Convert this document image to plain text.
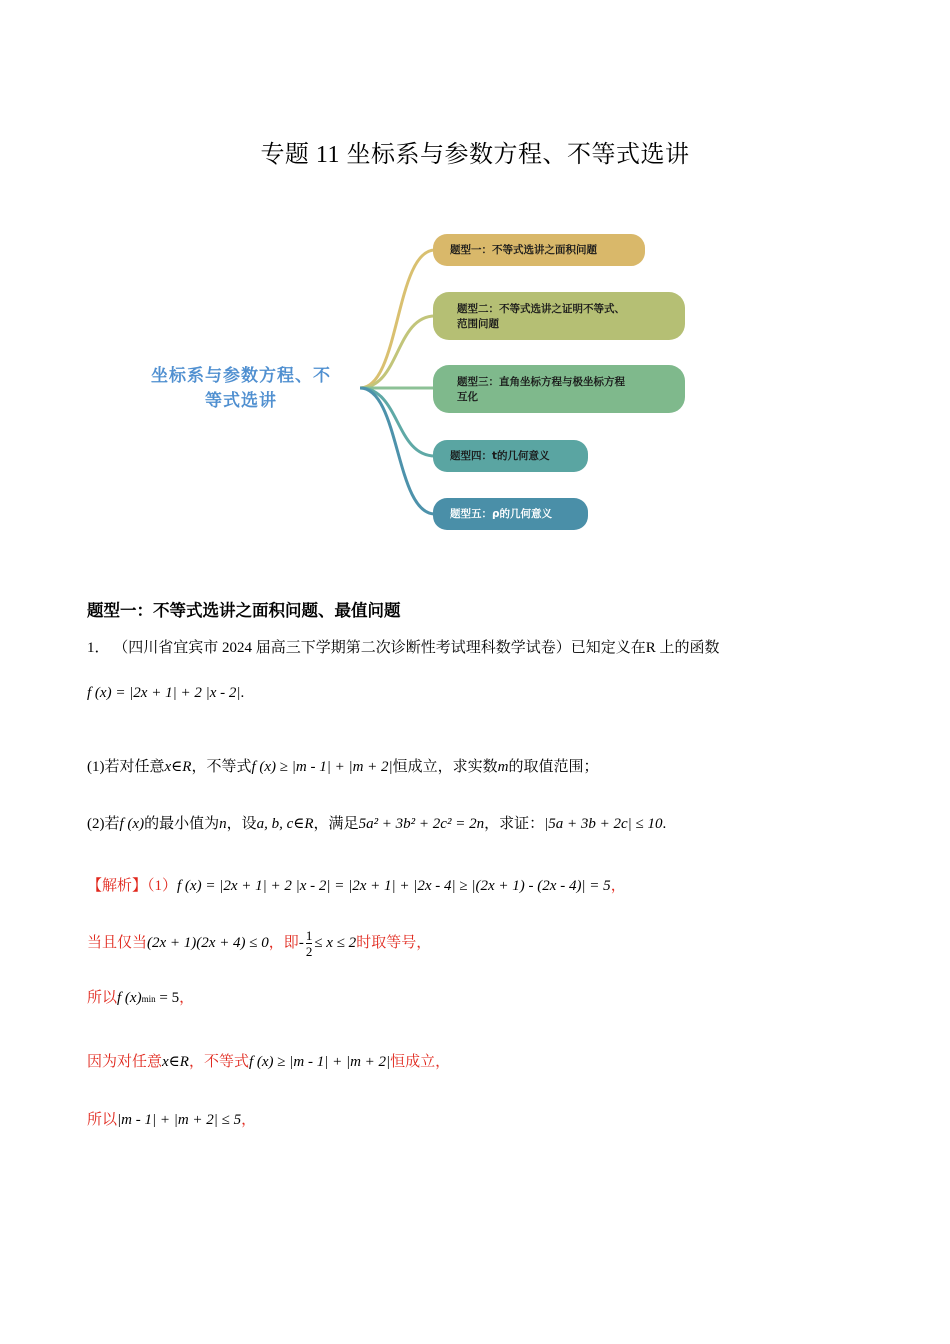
专题 11 坐标系与参数方程、不等式选讲
坐标系与参数方程、不
等式选讲
题型一：不等式选讲之面积问题
题型二：不等式选讲之证明不等式、
范围问题
题型三：直角坐标方程与极坐标方程
互化
题型四：t的几何意义
题型五：ρ的几何意义
题型一：不等式选讲之面积问题、最值问题
1． （四川省宜宾市 2024 届高三下学期第二次诊断性考试理科数学试卷）已知定义在R 上的函数
f (x) = |2x + 1| + 2 |x - 2|.
(1)若对任意x∈R，不等式f (x) ≥ |m - 1| + |m + 2|恒成立，求实数m的取值范围；
(2)若f (x)的最小值为n，设a, b, c∈R，满足5a² + 3b² + 2c² = 2n，求证：|5a + 3b + 2c| ≤ 10.
【解析】（1）f (x) = |2x + 1| + 2 |x - 2| = |2x + 1| + |2x - 4| ≥ |(2x + 1) - (2x - 4)| = 5，
当且仅当(2x + 1)(2x + 4) ≤ 0，即- $\frac{1}{2} \le x \le 2$时取等号，
所以f (x)min = 5，
因为对任意x∈R，不等式f (x) ≥ |m - 1| + |m + 2|恒成立，
所以|m - 1| + |m + 2| ≤ 5，
